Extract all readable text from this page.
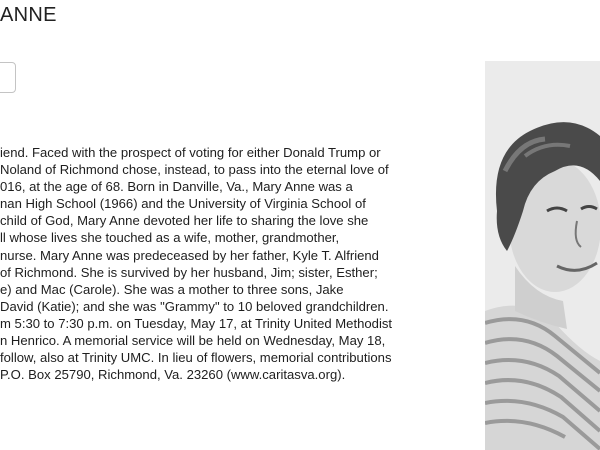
ANNE
iend. Faced with the prospect of voting for either Donald Trump or
Noland of Richmond chose, instead, to pass into the eternal love of
016, at the age of 68. Born in Danville, Va., Mary Anne was a
nan High School (1966) and the University of Virginia School of
child of God, Mary Anne devoted her life to sharing the love she
ll whose lives she touched as a wife, mother, grandmother,
nurse. Mary Anne was predeceased by her father, Kyle T. Alfriend
of Richmond. She is survived by her husband, Jim; sister, Esther;
e) and Mac (Carole). She was a mother to three sons, Jake
David (Katie); and she was "Grammy" to 10 beloved grandchildren.
m 5:30 to 7:30 p.m. on Tuesday, May 17, at Trinity United Methodist
n Henrico. A memorial service will be held on Wednesday, May 18,
follow, also at Trinity UMC. In lieu of flowers, memorial contributions
P.O. Box 25790, Richmond, Va. 23260 (www.caritasva.org).
